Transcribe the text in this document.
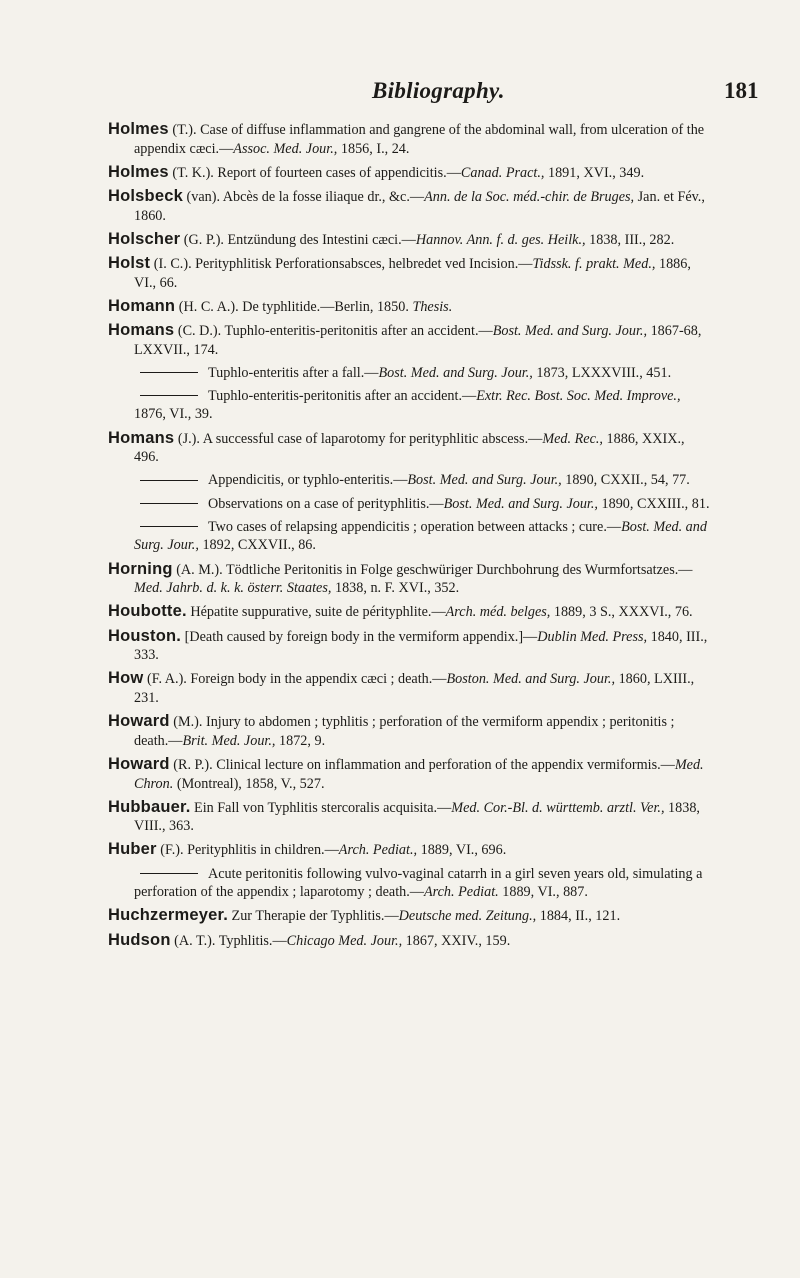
Bibliography.	181

Holmes (T.). Case of diffuse inflammation and gangrene of the abdominal wall, from ulceration of the appendix cæci.—Assoc. Med. Jour., 1856, I., 24.

Holmes (T. K.). Report of fourteen cases of appendicitis.—Canad. Pract., 1891, XVI., 349.

Holsbeck (van). Abcès de la fosse iliaque dr., &c.—Ann. de la Soc. méd.-chir. de Bruges, Jan. et Fév., 1860.

Holscher (G. P.). Entzündung des Intestini cæci.—Hannov. Ann. f. d. ges. Heilk., 1838, III., 282.

Holst (I. C.). Perityphlitisk Perforationsabsces, helbredet ved Incision.—Tidssk. f. prakt. Med., 1886, VI., 66.

Homann (H. C. A.). De typhlitide.—Berlin, 1850. Thesis.

Homans (C. D.). Tuphlo-enteritis-peritonitis after an accident.—Bost. Med. and Surg. Jour., 1867-68, LXXVII., 174.

Tuphlo-enteritis after a fall.—Bost. Med. and Surg. Jour., 1873, LXXXVIII., 451.

Tuphlo-enteritis-peritonitis after an accident.—Extr. Rec. Bost. Soc. Med. Improve., 1876, VI., 39.

Homans (J.). A successful case of laparotomy for perityphlitic abscess.—Med. Rec., 1886, XXIX., 496.

Appendicitis, or typhlo-enteritis.—Bost. Med. and Surg. Jour., 1890, CXXII., 54, 77.

Observations on a case of perityphlitis.—Bost. Med. and Surg. Jour., 1890, CXXIII., 81.

Two cases of relapsing appendicitis ; operation between attacks ; cure.—Bost. Med. and Surg. Jour., 1892, CXXVII., 86.

Horning (A. M.). Tödtliche Peritonitis in Folge geschwüriger Durchbohrung des Wurmfortsatzes.—Med. Jahrb. d. k. k. österr. Staates, 1838, n. F. XVI., 352.

Houbotte. Hépatite suppurative, suite de pérityphlite.—Arch. méd. belges, 1889, 3 S., XXXVI., 76.

Houston. [Death caused by foreign body in the vermiform appendix.]—Dublin Med. Press, 1840, III., 333.

How (F. A.). Foreign body in the appendix cæci ; death.—Boston. Med. and Surg. Jour., 1860, LXIII., 231.

Howard (M.). Injury to abdomen ; typhlitis ; perforation of the vermiform appendix ; peritonitis ; death.—Brit. Med. Jour., 1872, 9.

Howard (R. P.). Clinical lecture on inflammation and perforation of the appendix vermiformis.—Med. Chron. (Montreal), 1858, V., 527.

Hubbauer. Ein Fall von Typhlitis stercoralis acquisita.—Med. Cor.-Bl. d. württemb. arztl. Ver., 1838, VIII., 363.

Huber (F.). Perityphlitis in children.—Arch. Pediat., 1889, VI., 696.

Acute peritonitis following vulvo-vaginal catarrh in a girl seven years old, simulating a perforation of the appendix ; laparotomy ; death.—Arch. Pediat. 1889, VI., 887.

Huchzermeyer. Zur Therapie der Typhlitis.—Deutsche med. Zeitung., 1884, II., 121.

Hudson (A. T.). Typhlitis.—Chicago Med. Jour., 1867, XXIV., 159.
